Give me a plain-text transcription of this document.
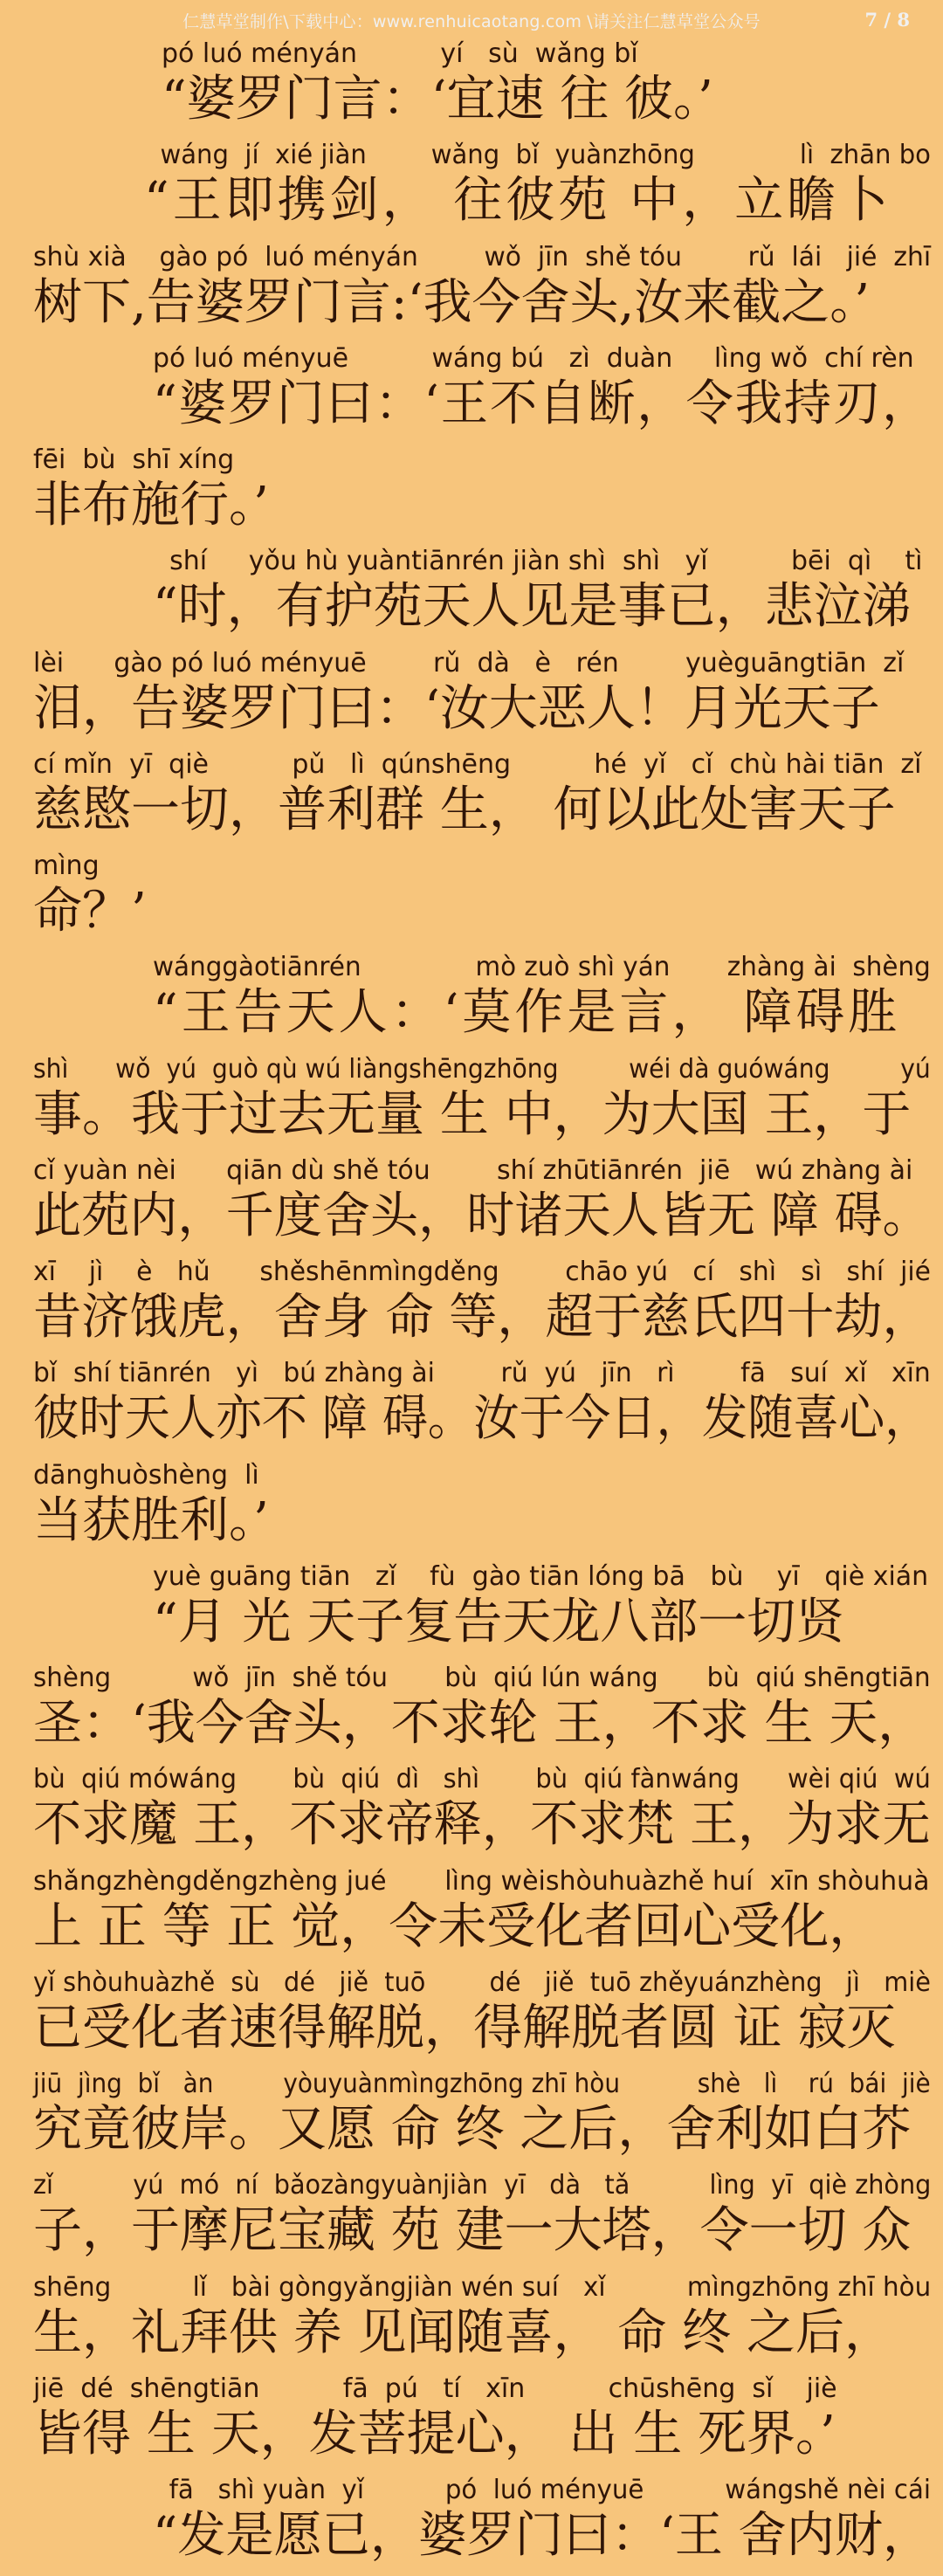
仁慧草堂制作\下载中心：www.renhuicaotang.com \请关注仁慧草堂公众号	7 / 8
pó luó ményán          yí   sù  wǎng bǐ
“婆罗门言：‘宜速 往 彼。’
wáng  jí  xié jiàn        wǎng  bǐ  yuànzhōng             lì  zhān bo
“王即携剑， 往彼苑 中，立瞻卜
shù xià    gào pó  luó ményán        wǒ  jīn  shě tóu        rǔ  lái   jié  zhī
树下,告婆罗门言:‘我今舍头,汝来截之。’
pó luó ményuē          wáng bú   zì  duàn     lìng wǒ  chí rèn
“婆罗门曰：‘王不自断，令我持刃，
fēi  bù  shī xíng
非布施行。’
shí     yǒu hù yuàntiānrén jiàn shì  shì   yǐ          bēi  qì    tì
“时，有护苑天人见是事已，悲泣涕
lèi      gào pó luó ményuē        rǔ  dà   è   rén        yuèguāngtiān  zǐ
泪，告婆罗门曰：‘汝大恶人！月光天子
cí mǐn  yī  qiè          pǔ   lì  qúnshēng          hé  yǐ   cǐ  chù hài tiān  zǐ
慈愍一切，普利群 生， 何以此处害天子
mìng
命？’
wánggàotiānrén              mò zuò shì yán       zhàng ài  shèng
“王告天人：‘莫作是言， 障碍胜
shì      wǒ  yú  guò qù wú liàngshēngzhōng         wéi dà guówáng         yú
事。我于过去无量 生 中，为大国 王，于
cǐ yuàn nèi      qiān dù shě tóu        shí zhūtiānrén  jiē   wú zhàng ài
此苑内，千度舍头，时诸天人皆无 障 碍。
xī    jì    è   hǔ      shěshēnmìngděng        chāo yú   cí   shì   sì   shí  jié
昔济饿虎，舍身 命 等，超于慈氏四十劫，
bǐ  shí tiānrén   yì   bú zhàng ài        rǔ  yú   jīn   rì        fā   suí  xǐ   xīn
彼时天人亦不 障 碍。汝于今日，发随喜心，
dānghuòshèng  lì
当获胜利。’
yuè guāng tiān   zǐ    fù  gào tiān lóng bā   bù    yī   qiè xián
“月 光 天子复告天龙八部一切贤
shèng          wǒ  jīn  shě tóu       bù  qiú lún wáng      bù  qiú shēngtiān
圣：‘我今舍头，不求轮 王，不求 生 天，
bù  qiú mówáng       bù  qiú  dì   shì       bù  qiú fànwáng      wèi qiú  wú
不求魔 王，不求帝释，不求梵 王，为求无
shǎngzhèngděngzhèng jué       lìng wèishòuhuàzhě huí  xīn shòuhuà
上 正 等 正 觉，令未受化者回心受化，
yǐ shòuhuàzhě  sù   dé   jiě  tuō        dé   jiě  tuō zhěyuánzhèng   jì   miè
已受化者速得解脱，得解脱者圆 证 寂灭
jiū  jìng  bǐ   àn         yòuyuànmìngzhōng zhī hòu          shè   lì    rú  bái  jiè
究竟彼岸。又愿 命 终 之后，舍利如白芥
zǐ          yú  mó  ní  bǎozàngyuànjiàn  yī   dà   tǎ          lìng  yī  qiè zhòng
子，于摩尼宝藏 苑 建一大塔，令一切 众
shēng          lǐ   bài gòngyǎngjiàn wén suí   xǐ          mìngzhōng zhī hòu
生，礼拜供 养 见闻随喜， 命 终 之后，
jiē  dé  shēngtiān          fā  pú   tí   xīn          chūshēng  sǐ    jiè
皆得 生 天，发菩提心， 出 生 死界。’
fā   shì yuàn  yǐ          pó  luó ményuē          wángshě nèi cái
“发是愿已，婆罗门曰：‘王 舍内财，
